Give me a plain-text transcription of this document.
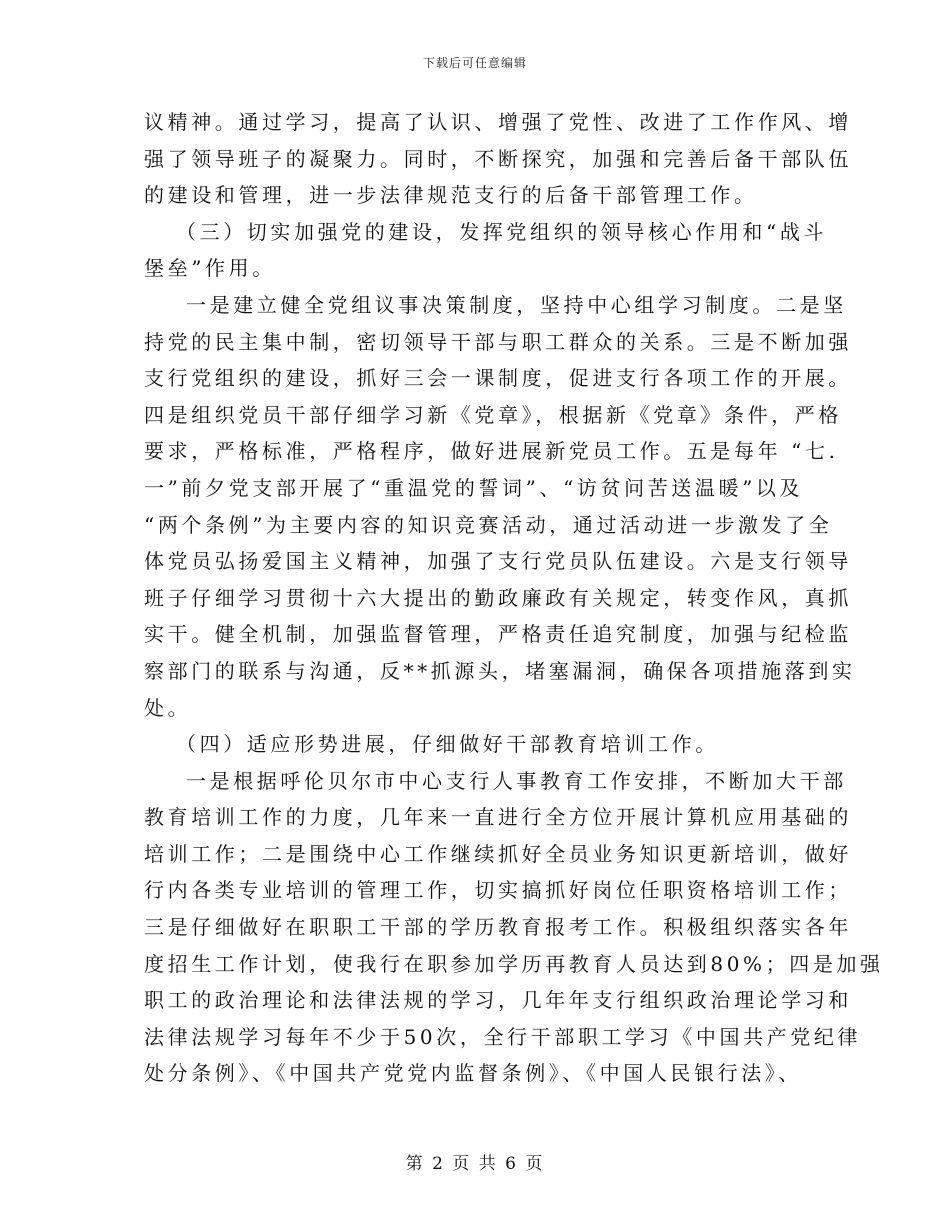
下载后可任意编辑
议精神。通过学习，提高了认识、增强了党性、改进了工作作风、增
强了领导班子的凝聚力。同时，不断探究，加强和完善后备干部队伍
的建设和管理，进一步法律规范支行的后备干部管理工作。
（三）切实加强党的建设，发挥党组织的领导核心作用和“战斗
堡垒”作用。
一是建立健全党组议事决策制度，坚持中心组学习制度。二是坚
持党的民主集中制，密切领导干部与职工群众的关系。三是不断加强
支行党组织的建设，抓好三会一课制度，促进支行各项工作的开展。
四是组织党员干部仔细学习新《党章》，根据新《党章》条件，严格
要求，严格标准，严格程序，做好进展新党员工作。五是每年 “七.
一”前夕党支部开展了“重温党的誓词”、“访贫问苦送温暖”以及
“两个条例”为主要内容的知识竞赛活动，通过活动进一步激发了全
体党员弘扬爱国主义精神，加强了支行党员队伍建设。六是支行领导
班子仔细学习贯彻十六大提出的勤政廉政有关规定，转变作风，真抓
实干。健全机制，加强监督管理，严格责任追究制度，加强与纪检监
察部门的联系与沟通，反**抓源头，堵塞漏洞，确保各项措施落到实
处。
（四）适应形势进展，仔细做好干部教育培训工作。
一是根据呼伦贝尔市中心支行人事教育工作安排，不断加大干部
教育培训工作的力度，几年来一直进行全方位开展计算机应用基础的
培训工作；二是围绕中心工作继续抓好全员业务知识更新培训，做好
行内各类专业培训的管理工作，切实搞抓好岗位任职资格培训工作；
三是仔细做好在职职工干部的学历教育报考工作。积极组织落实各年
度招生工作计划，使我行在职参加学历再教育人员达到80%；四是加强
职工的政治理论和法律法规的学习，几年年支行组织政治理论学习和
法律法规学习每年不少于50次，全行干部职工学习《中国共产党纪律
处分条例》、《中国共产党党内监督条例》、《中国人民银行法》、
第 2 页 共 6 页
